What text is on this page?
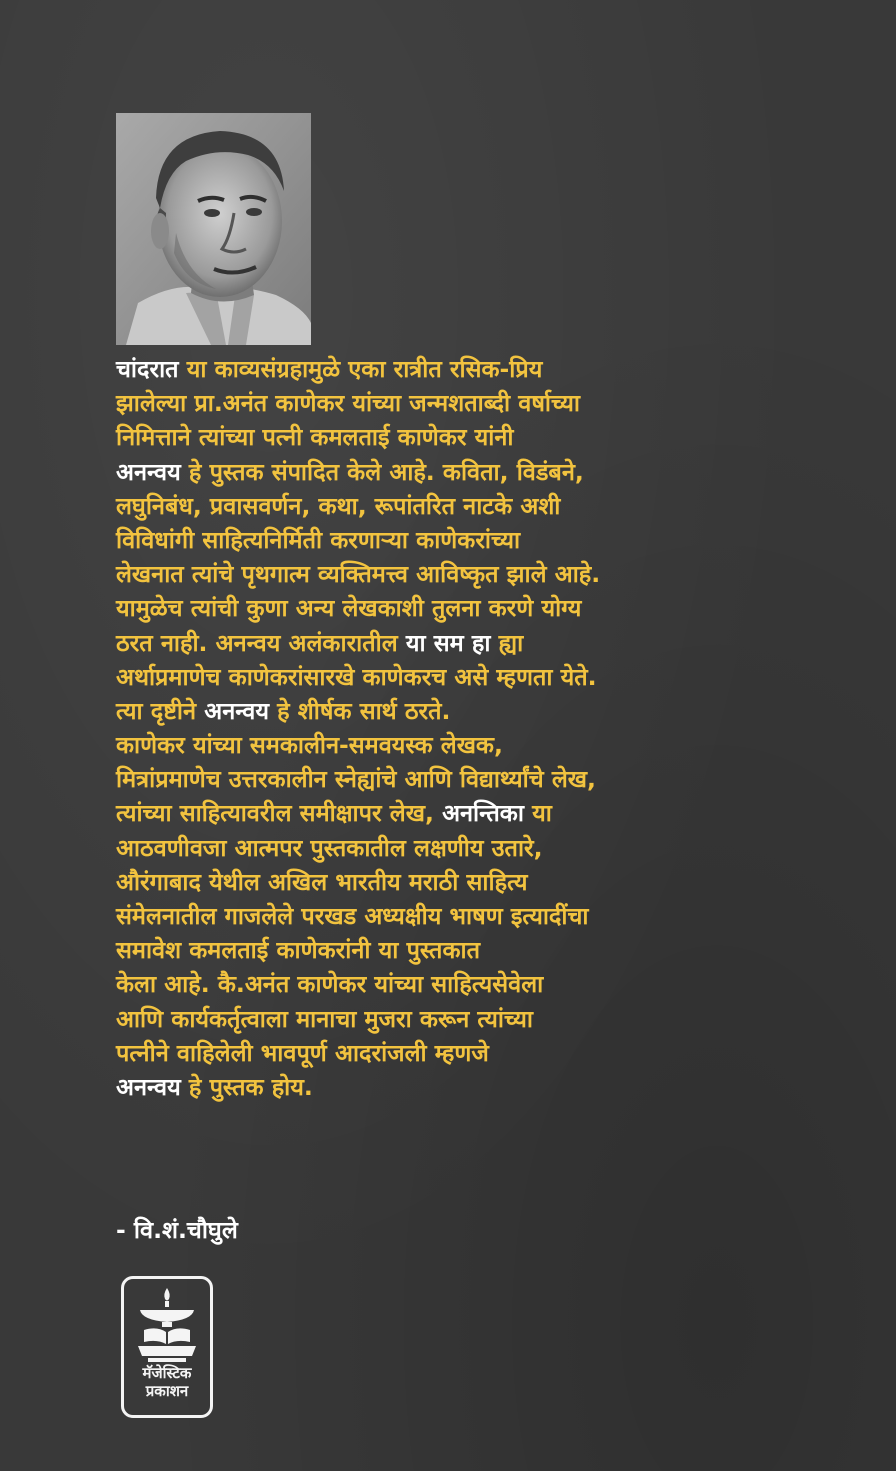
चांदरात या काव्यसंग्रहामुळे एका रात्रीत रसिक-प्रिय
झालेल्या प्रा.अनंत काणेकर यांच्या जन्मशताब्दी वर्षाच्या
निमित्ताने त्यांच्या पत्नी कमलताई काणेकर यांनी
अनन्वय हे पुस्तक संपादित केले आहे. कविता, विडंबने,
लघुनिबंध, प्रवासवर्णन, कथा, रूपांतरित नाटके अशी
विविधांगी साहित्यनिर्मिती करणाऱ्या काणेकरांच्या
लेखनात त्यांचे पृथगात्म व्यक्तिमत्त्व आविष्कृत झाले आहे.
यामुळेच त्यांची कुणा अन्य लेखकाशी तुलना करणे योग्य
ठरत नाही. अनन्वय अलंकारातील या सम हा ह्या
अर्थाप्रमाणेच काणेकरांसारखे काणेकरच असे म्हणता येते.
त्या दृष्टीने अनन्वय हे शीर्षक सार्थ ठरते.
काणेकर यांच्या समकालीन-समवयस्क लेखक,
मित्रांप्रमाणेच उत्तरकालीन स्नेह्यांचे आणि विद्यार्थ्यांचे लेख,
त्यांच्या साहित्यावरील समीक्षापर लेख, अनन्तिका या
आठवणीवजा आत्मपर पुस्तकातील लक्षणीय उतारे,
औरंगाबाद येथील अखिल भारतीय मराठी साहित्य
संमेलनातील गाजलेले परखड अध्यक्षीय भाषण इत्यादींचा
समावेश कमलताई काणेकरांनी या पुस्तकात
केला आहे. कै.अनंत काणेकर यांच्या साहित्यसेवेला
आणि कार्यकर्तृत्वाला मानाचा मुजरा करून त्यांच्या
पत्नीने वाहिलेली भावपूर्ण आदरांजली म्हणजे
अनन्वय हे पुस्तक होय.
- वि.शं.चौघुले
मॅजेस्टिक
प्रकाशन
